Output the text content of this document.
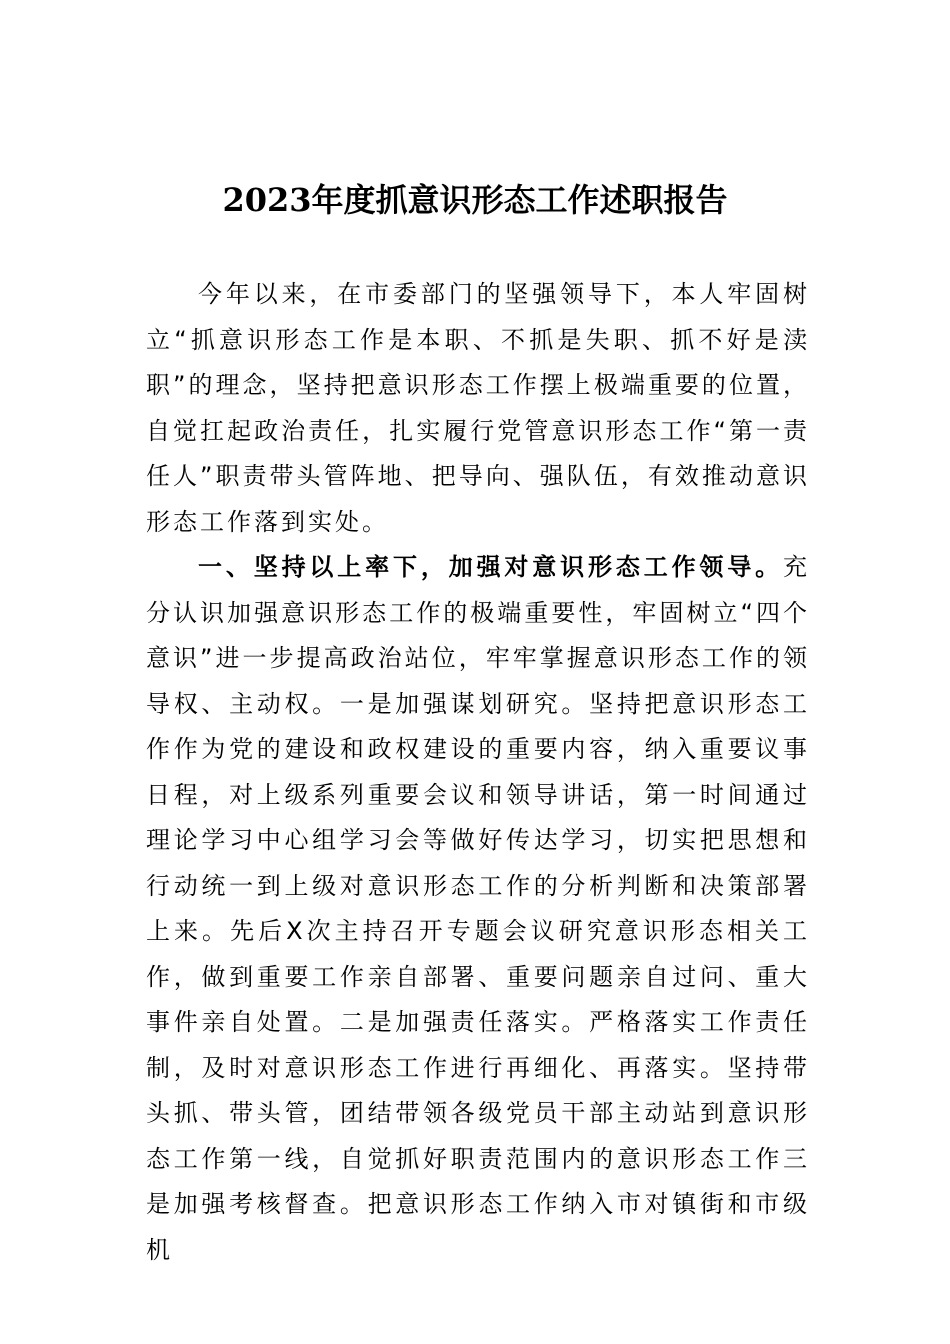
2023年度抓意识形态工作述职报告

今年以来，在市委部门的坚强领导下，本人牢固树立“抓意识形态工作是本职、不抓是失职、抓不好是渎职”的理念，坚持把意识形态工作摆上极端重要的位置，自觉扛起政治责任，扎实履行党管意识形态工作“第一责任人”职责带头管阵地、把导向、强队伍，有效推动意识形态工作落到实处。

一、坚持以上率下，加强对意识形态工作领导。充分认识加强意识形态工作的极端重要性，牢固树立“四个意识”进一步提高政治站位，牢牢掌握意识形态工作的领导权、主动权。一是加强谋划研究。坚持把意识形态工作作为党的建设和政权建设的重要内容，纳入重要议事日程，对上级系列重要会议和领导讲话，第一时间通过理论学习中心组学习会等做好传达学习，切实把思想和行动统一到上级对意识形态工作的分析判断和决策部署上来。先后X次主持召开专题会议研究意识形态相关工作，做到重要工作亲自部署、重要问题亲自过问、重大事件亲自处置。二是加强责任落实。严格落实工作责任制，及时对意识形态工作进行再细化、再落实。坚持带头抓、带头管，团结带领各级党员干部主动站到意识形态工作第一线，自觉抓好职责范围内的意识形态工作三是加强考核督查。把意识形态工作纳入市对镇街和市级机
